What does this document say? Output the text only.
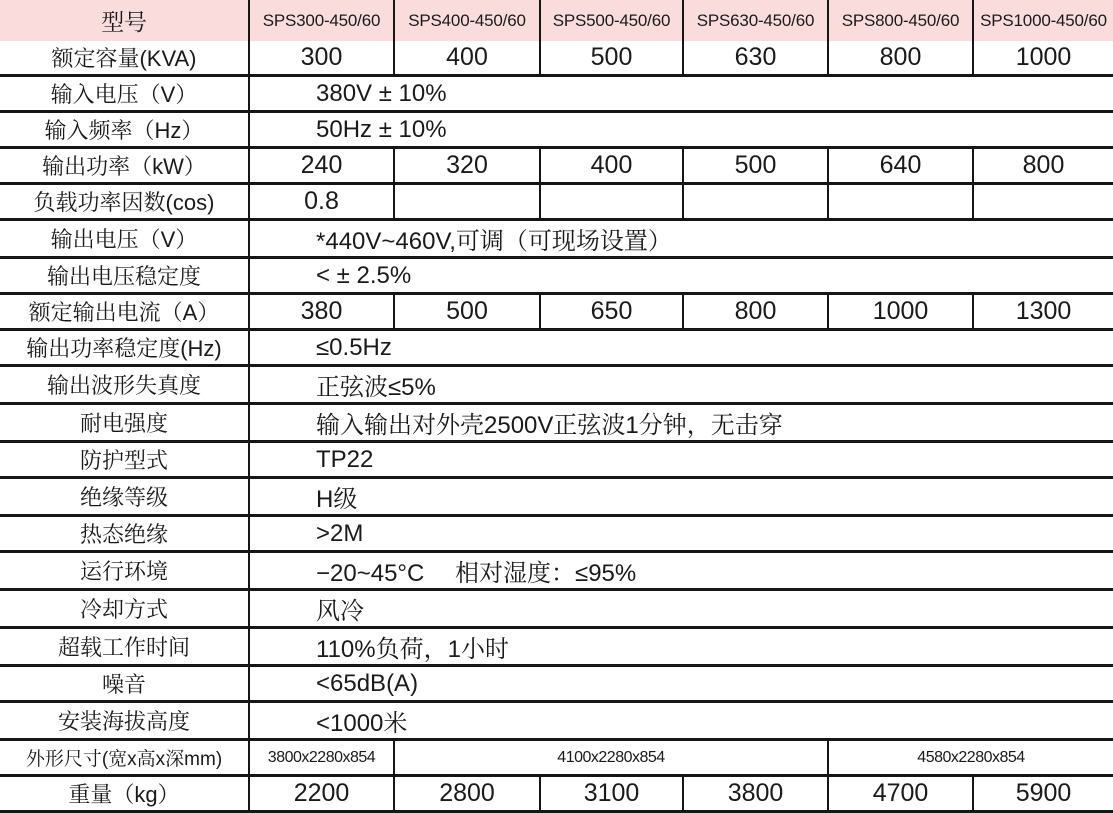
型号	SPS300-450/60	SPS400-450/60	SPS500-450/60	SPS630-450/60	SPS800-450/60	SPS1000-450/60
额定容量(KVA)	300	400	500	630	800	1000
输入电压（V）	380V ± 10%					
输入频率（Hz）	50Hz ± 10%					
输出功率（kW）	240	320	400	500	640	800
负载功率因数(cos)	0.8					
输出电压（V）	*440V~460V,可调（可现场设置）					
输出电压稳定度	< ± 2.5%					
额定输出电流（A）	380	500	650	800	1000	1300
输出功率稳定度(Hz)	≤0.5Hz					
输出波形失真度	正弦波≤5%					
耐电强度	输入输出对外壳2500V正弦波1分钟，无击穿					
防护型式	TP22					
绝缘等级	H级					
热态绝缘	>2M					
运行环境	−20~45°C　 相对湿度：≤95%					
冷却方式	风冷					
超载工作时间	110%负荷，1小时					
噪音	<65dB(A)					
安装海拔高度	<1000米					
外形尺寸(宽x高x深mm)	3800x2280x854	4100x2280x854			4580x2280x854	
重量（kg）	2200	2800	3100	3800	4700	5900
